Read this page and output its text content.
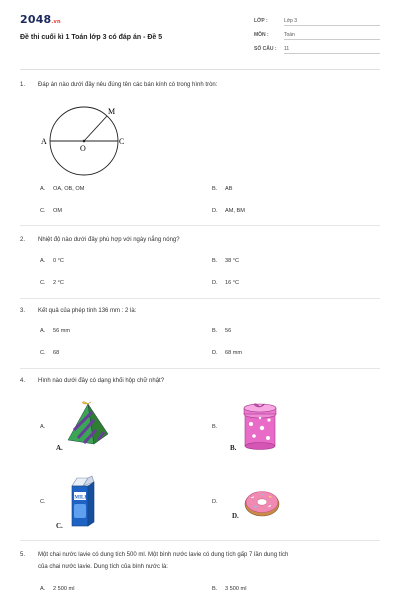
2048.vn
Đề thi cuối kì 1 Toán lớp 3 có đáp án - Đề 5
LỚP :	Lớp 3
MÔN :	Toán
SỐ CÂU : 11
1. Đáp án nào dưới đây nêu đúng tên các bán kính có trong hình tròn:
A
O
C
M
A. OA, OB, OM	B. AB
C. OM	D. AM, BM
2. Nhiệt độ nào dưới đây phù hợp với ngày nắng nóng?
A. 0 °C	B. 38 °C
C. 2 °C	D. 16 °C
3. Kết quả của phép tính 136 mm : 2 là:
A. 56 mm	B. 56
C. 68	D. 68 mm
4. Hình nào dưới đây có dạng khối hộp chữ nhật?
A.
A.
B.
B.
C.
MILK
C.
D.
D.
5. Một chai nước lavie có dung tích 500 ml. Một bình nước lavie có dung tích gấp 7 lần dung tích
của chai nước lavie. Dung tích của bình nước là:
A. 2 500 ml	B. 3 500 ml
